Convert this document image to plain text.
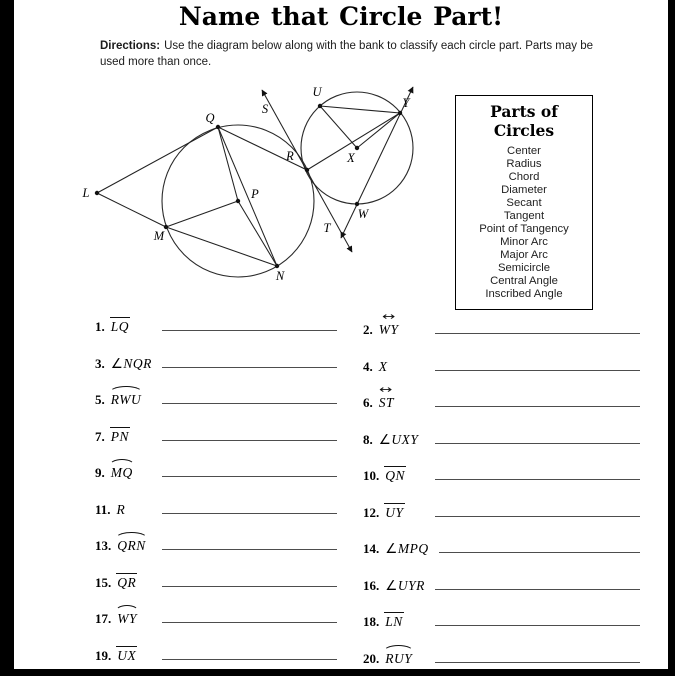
Name that Circle Part!
Directions: Use the diagram below along with the bank to classify each circle part. Parts may be
used more than once.
L
Q
M
P
N
R
S
T
U
X
Y
W
Parts of Circles
Center
Radius
Chord
Diameter
Secant
Tangent
Point of Tangency
Minor Arc
Major Arc
Semicircle
Central Angle
Inscribed Angle
1. LQ	2. ↔ WY
3. ∠NQR	4. X
5. RWU	6. ↔ ST
7. PN	8. ∠UXY
9. MQ	10. QN
11. R	12. UY
13. QRN	14. ∠MPQ
15. QR	16. ∠UYR
17. WY	18. LN
19. UX	20. RUY
